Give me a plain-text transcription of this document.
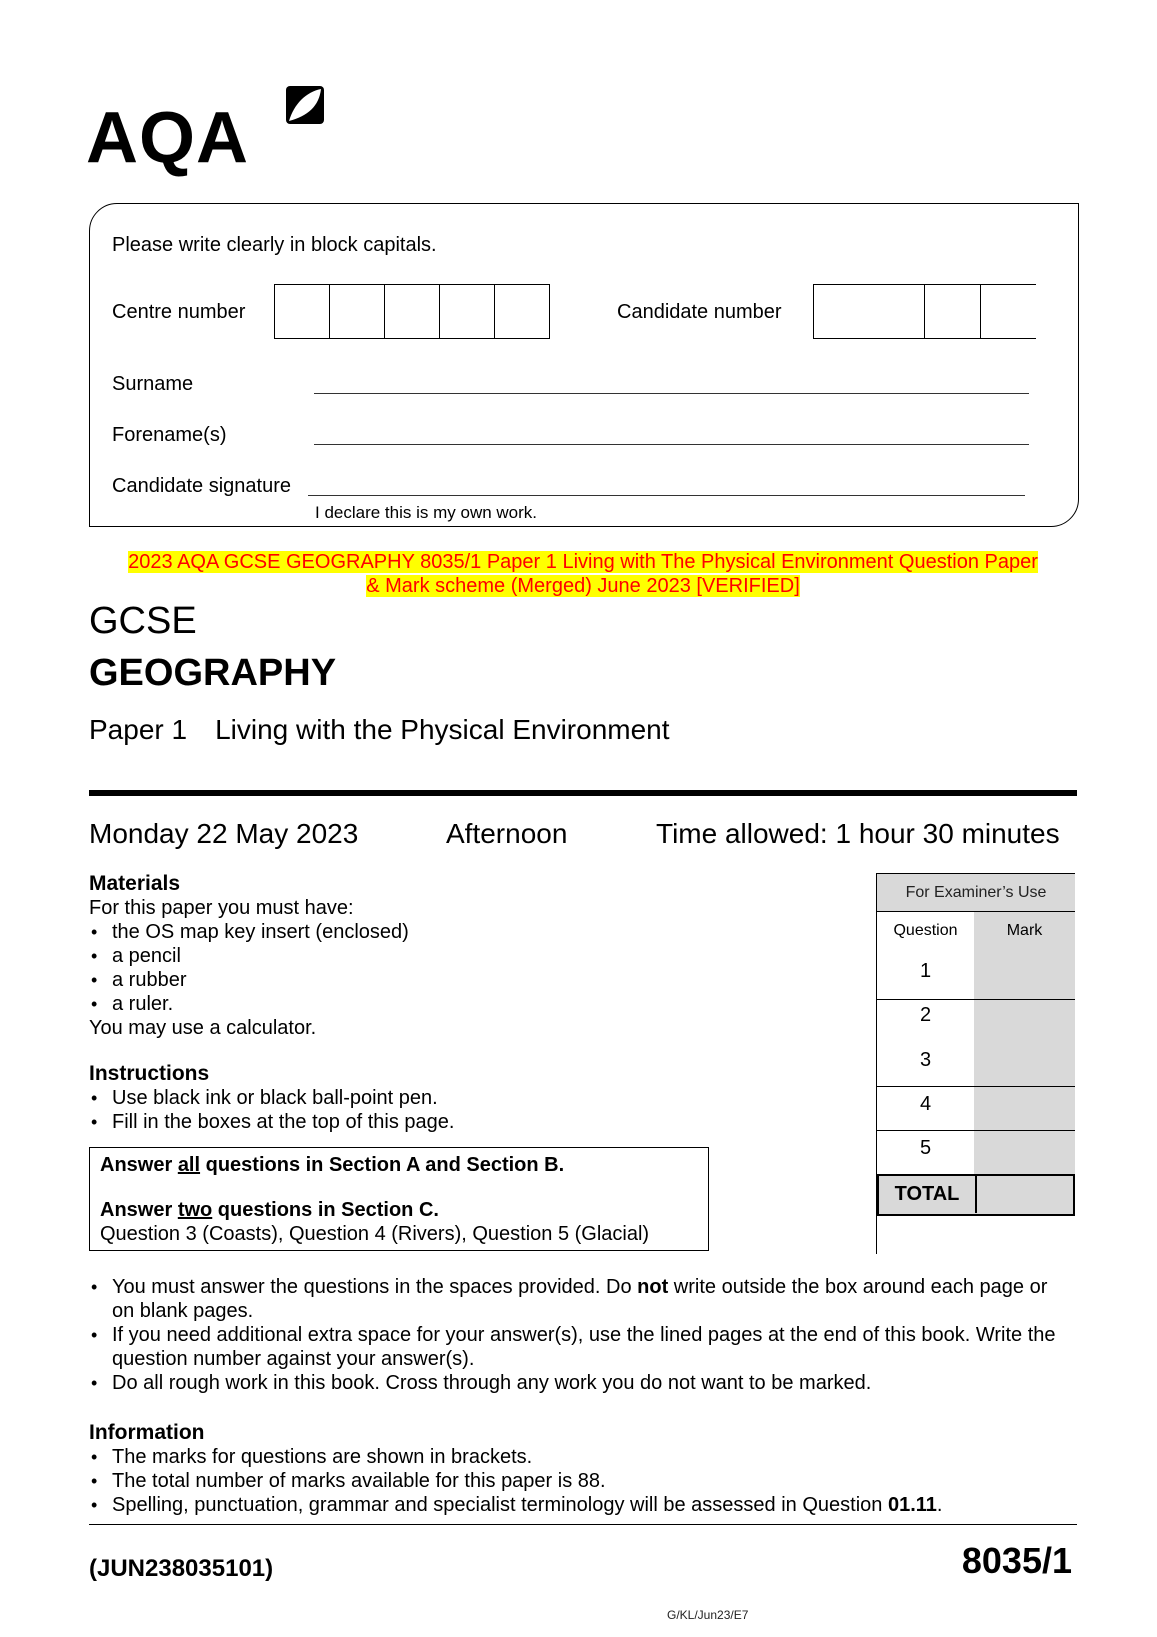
AQA
Please write clearly in block capitals.
Centre number	Candidate number
Surname
Forename(s)
Candidate signature
I declare this is my own work.
2023 AQA GCSE GEOGRAPHY 8035/1 Paper 1 Living with The Physical Environment Question Paper
& Mark scheme (Merged) June 2023 [VERIFIED]
GCSE
GEOGRAPHY
Paper 1 Living with the Physical Environment
Monday 22 May 2023	Afternoon	Time allowed: 1 hour 30 minutes
Materials
For this paper you must have:
• the OS map key insert (enclosed)
• a pencil
• a rubber
• a ruler.
You may use a calculator.
Instructions
• Use black ink or black ball-point pen.
• Fill in the boxes at the top of this page.
Answer all questions in Section A and Section B.
Answer two questions in Section C.
Question 3 (Coasts), Question 4 (Rivers), Question 5 (Glacial)
• You must answer the questions in the spaces provided. Do not write outside the box around each page or on blank pages.
• If you need additional extra space for your answer(s), use the lined pages at the end of this book. Write the question number against your answer(s).
• Do all rough work in this book. Cross through any work you do not want to be marked.
Information
• The marks for questions are shown in brackets.
• The total number of marks available for this paper is 88.
• Spelling, punctuation, grammar and specialist terminology will be assessed in Question 01.11.
For Examiner’s Use
Question	Mark
1
2
3
4
5
TOTAL
(JUN238035101)	8035/1
G/KL/Jun23/E7
